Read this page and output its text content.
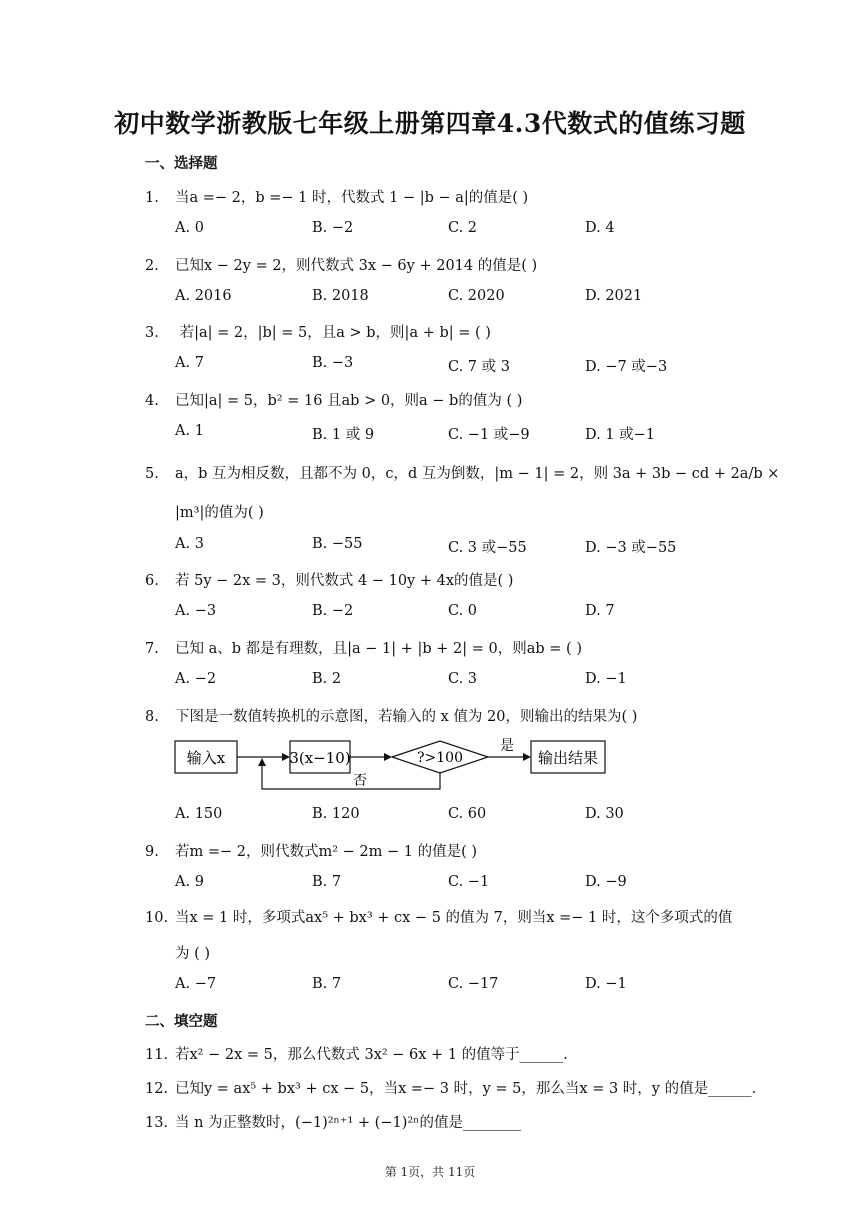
初中数学浙教版七年级上册第四章4.3代数式的值练习题
一、选择题
1. 当a =− 2，b =− 1 时，代数式 1 − |b − a|的值是( )
A. 0	B. −2	C. 2	D. 4
2. 已知x − 2y = 2，则代数式 3x − 6y + 2014 的值是( )
A. 2016	B. 2018	C. 2020	D. 2021
3. 若|a| = 2，|b| = 5，且a > b，则|a + b| = ( )
A. 7	B. −3	C. 7 或 3	D. −7 或−3
4. 已知|a| = 5，b² = 16 且ab > 0，则a − b的值为 ( )
A. 1	B. 1 或 9	C. −1 或−9	D. 1 或−1
5. a，b 互为相反数，且都不为 0，c，d 互为倒数，|m − 1| = 2，则 3a + 3b − cd + 2a/b ×
|m³|的值为( )
A. 3	B. −55	C. 3 或−55	D. −3 或−55
6. 若 5y − 2x = 3，则代数式 4 − 10y + 4x的值是( )
A. −3	B. −2	C. 0	D. 7
7. 已知 a、b 都是有理数，且|a − 1| + |b + 2| = 0，则ab = ( )
A. −2	B. 2	C. 3	D. −1
8. 下图是一数值转换机的示意图，若输入的 x 值为 20，则输出的结果为( )
输入x	3(x−10)	?>100
是
输出结果
否
A. 150	B. 120	C. 60	D. 30
9. 若m =− 2，则代数式m² − 2m − 1 的值是( )
A. 9	B. 7	C. −1	D. −9
10. 当x = 1 时，多项式ax⁵ + bx³ + cx − 5 的值为 7，则当x =− 1 时，这个多项式的值
为 ( )
A. −7	B. 7	C. −17	D. −1
二、填空题
11. 若x² − 2x = 5，那么代数式 3x² − 6x + 1 的值等于______.
12. 已知y = ax⁵ + bx³ + cx − 5，当x =− 3 时，y = 5，那么当x = 3 时，y 的值是______.
13. 当 n 为正整数时，(−1)²ⁿ⁺¹ + (−1)²ⁿ的值是________
第 1页，共 11页
